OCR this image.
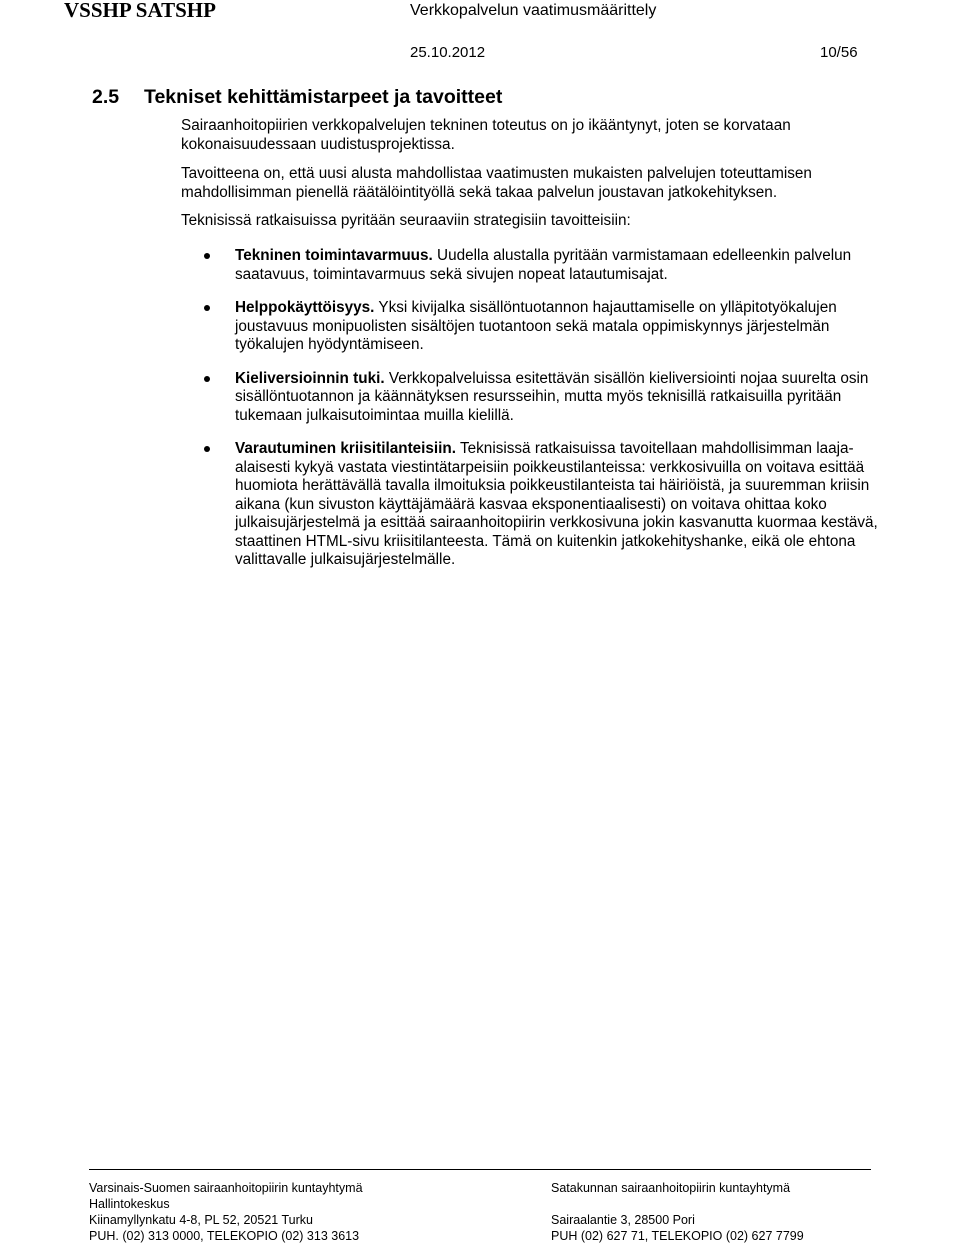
VSSHP SATSHP	Verkkopalvelun vaatimusmäärittely
25.10.2012	10/56
2.5 Tekniset kehittämistarpeet ja tavoitteet
Sairaanhoitopiirien verkkopalvelujen tekninen toteutus on jo ikääntynyt, joten se korvataan kokonaisuudessaan uudistusprojektissa.
Tavoitteena on, että uusi alusta mahdollistaa vaatimusten mukaisten palvelujen toteuttamisen mahdollisimman pienellä räätälöintityöllä sekä takaa palvelun joustavan jatkokehityksen.
Teknisissä ratkaisuissa pyritään seuraaviin strategisiin tavoitteisiin:
Tekninen toimintavarmuus. Uudella alustalla pyritään varmistamaan edelleenkin palvelun saatavuus, toimintavarmuus sekä sivujen nopeat latautumisajat.
Helppokäyttöisyys. Yksi kivijalka sisällöntuotannon hajauttamiselle on ylläpitotyökalujen joustavuus monipuolisten sisältöjen tuotantoon sekä matala oppimiskynnys järjestelmän työkalujen hyödyntämiseen.
Kieliversioinnin tuki. Verkkopalveluissa esitettävän sisällön kieliversiointi nojaa suurelta osin sisällöntuotannon ja käännätyksen resursseihin, mutta myös teknisillä ratkaisuilla pyritään tukemaan julkaisutoimintaa muilla kielillä.
Varautuminen kriisitilanteisiin. Teknisissä ratkaisuissa tavoitellaan mahdollisimman laaja-alaisesti kykyä vastata viestintätarpeisiin poikkeustilanteissa: verkkosivuilla on voitava esittää huomiota herättävällä tavalla ilmoituksia poikkeustilanteista tai häiriöistä, ja suuremman kriisin aikana (kun sivuston käyttäjämäärä kasvaa eksponentiaalisesti) on voitava ohittaa koko julkaisujärjestelmä ja esittää sairaanhoitopiirin verkkosivuna jokin kasvanutta kuormaa kestävä, staattinen HTML-sivu kriisitilanteesta. Tämä on kuitenkin jatkokehityshanke, eikä ole ehtona valittavalle julkaisujärjestelmälle.
Varsinais-Suomen sairaanhoitopiirin kuntayhtymä
Hallintokeskus
Kiinamyllynkatu 4-8, PL 52, 20521 Turku
PUH. (02) 313 0000, TELEKOPIO (02) 313 3613
Satakunnan sairaanhoitopiirin kuntayhtymä

Sairaalantie 3, 28500 Pori
PUH (02) 627 71, TELEKOPIO (02) 627 7799
